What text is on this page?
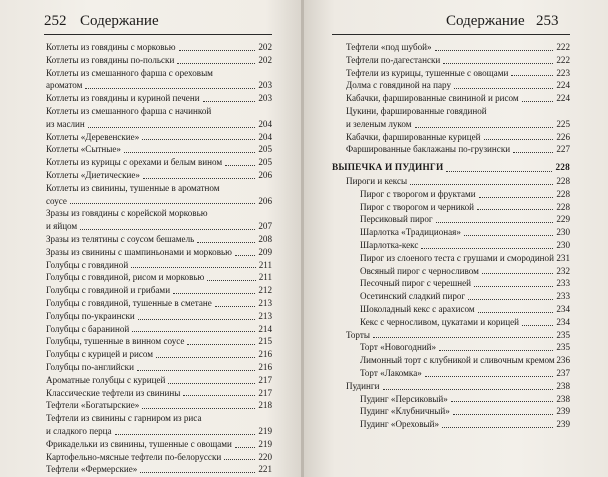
252 Содержание
Котлеты из говядины с морковью	202
Котлеты из говядины по-польски	202
Котлеты из смешанного фарша с ореховым
ароматом	203
Котлеты из говядины и куриной печени	203
Котлеты из смешанного фарша с начинкой
из маслин	204
Котлеты «Деревенские»	204
Котлеты «Сытные»	205
Котлеты из курицы с орехами и белым вином	205
Котлеты «Диетические»	206
Котлеты из свинины, тушенные в ароматном
соусе	206
Зразы из говядины с корейской морковью
и яйцом	207
Зразы из телятины с соусом бешамель	208
Зразы из свинины с шампиньонами и морковью	209
Голубцы с говядиной	211
Голубцы с говядиной, рисом и морковью	211
Голубцы с говядиной и грибами	212
Голубцы с говядиной, тушенные в сметане	213
Голубцы по-украински	213
Голубцы с бараниной	214
Голубцы, тушенные в винном соусе	215
Голубцы с курицей и рисом	216
Голубцы по-английски	216
Ароматные голубцы с курицей	217
Классические тефтели из свинины	217
Тефтели «Богатырские»	218
Тефтели из свинины с гарниром из риса
и сладкого перца	219
Фрикадельки из свинины, тушенные с овощами	219
Картофельно-мясные тефтели по-белорусски	220
Тефтели «Фермерские»	221
Содержание 253
Тефтели «под шубой»	222
Тефтели по-дагестански	222
Тефтели из курицы, тушенные с овощами	223
Долма с говядиной на пару	224
Кабачки, фаршированные свининой и рисом	224
Цукини, фаршированные говядиной
и зеленым луком	225
Кабачки, фаршированные курицей	226
Фаршированные баклажаны по-грузински	227
ВЫПЕЧКА И ПУДИНГИ	228
Пироги и кексы	228
Пирог с творогом и фруктами	228
Пирог с творогом и черникой	228
Персиковый пирог	229
Шарлотка «Традиционая»	230
Шарлотка-кекс	230
Пирог из слоеного теста с грушами и смородиной 231
Овсяный пирог с черносливом	232
Песочный пирог с черешней	233
Осетинский сладкий пирог	233
Шоколадный кекс с арахисом	234
Кекс с черносливом, цукатами и корицей	234
Торты	235
Торт «Новогодний»	235
Лимонный торт с клубникой и сливочным кремом 236
Торт «Лакомка»	237
Пудинги	238
Пудинг «Персиковый»	238
Пудинг «Клубничный»	239
Пудинг «Ореховый»	239
